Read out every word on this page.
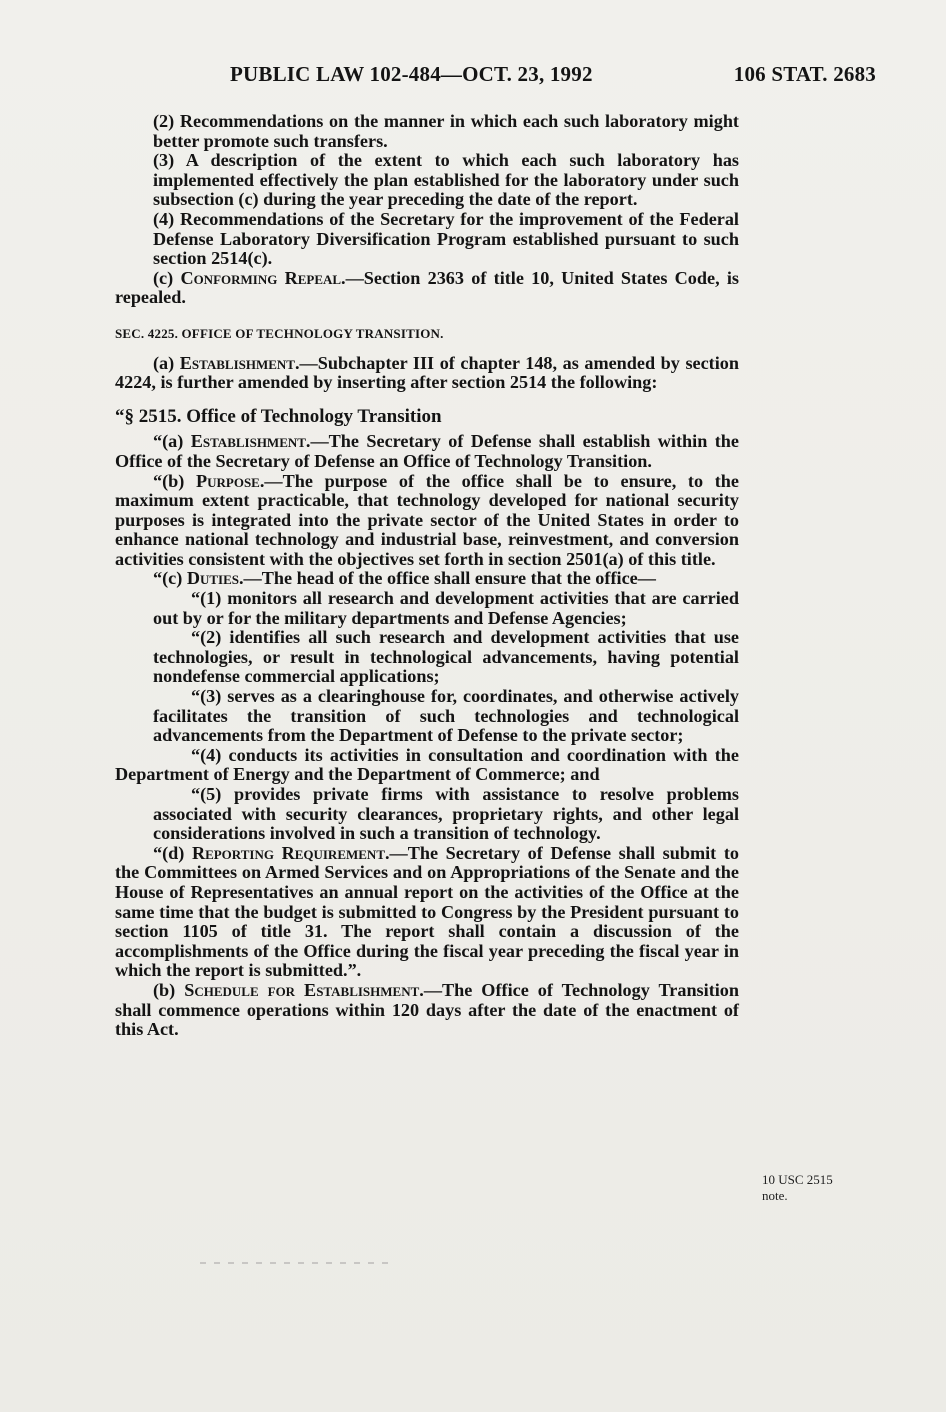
PUBLIC LAW 102-484—OCT. 23, 1992	106 STAT. 2683

(2) Recommendations on the manner in which each such laboratory might better promote such transfers.

(3) A description of the extent to which each such laboratory has implemented effectively the plan established for the laboratory under such subsection (c) during the year preceding the date of the report.

(4) Recommendations of the Secretary for the improvement of the Federal Defense Laboratory Diversification Program established pursuant to such section 2514(c).

(c) Conforming Repeal.—Section 2363 of title 10, United States Code, is repealed.

SEC. 4225. OFFICE OF TECHNOLOGY TRANSITION.

(a) Establishment.—Subchapter III of chapter 148, as amended by section 4224, is further amended by inserting after section 2514 the following:

“§ 2515. Office of Technology Transition

“(a) Establishment.—The Secretary of Defense shall establish within the Office of the Secretary of Defense an Office of Technology Transition.

“(b) Purpose.—The purpose of the office shall be to ensure, to the maximum extent practicable, that technology developed for national security purposes is integrated into the private sector of the United States in order to enhance national technology and industrial base, reinvestment, and conversion activities consistent with the objectives set forth in section 2501(a) of this title.

“(c) Duties.—The head of the office shall ensure that the office—

“(1) monitors all research and development activities that are carried out by or for the military departments and Defense Agencies;

“(2) identifies all such research and development activities that use technologies, or result in technological advancements, having potential nondefense commercial applications;

“(3) serves as a clearinghouse for, coordinates, and otherwise actively facilitates the transition of such technologies and technological advancements from the Department of Defense to the private sector;

“(4) conducts its activities in consultation and coordination with the Department of Energy and the Department of Commerce; and

“(5) provides private firms with assistance to resolve problems associated with security clearances, proprietary rights, and other legal considerations involved in such a transition of technology.

“(d) Reporting Requirement.—The Secretary of Defense shall submit to the Committees on Armed Services and on Appropriations of the Senate and the House of Representatives an annual report on the activities of the Office at the same time that the budget is submitted to Congress by the President pursuant to section 1105 of title 31. The report shall contain a discussion of the accomplishments of the Office during the fiscal year preceding the fiscal year in which the report is submitted.”.

(b) Schedule for Establishment.—The Office of Technology Transition shall commence operations within 120 days after the date of the enactment of this Act.

10 USC 2515
note.
